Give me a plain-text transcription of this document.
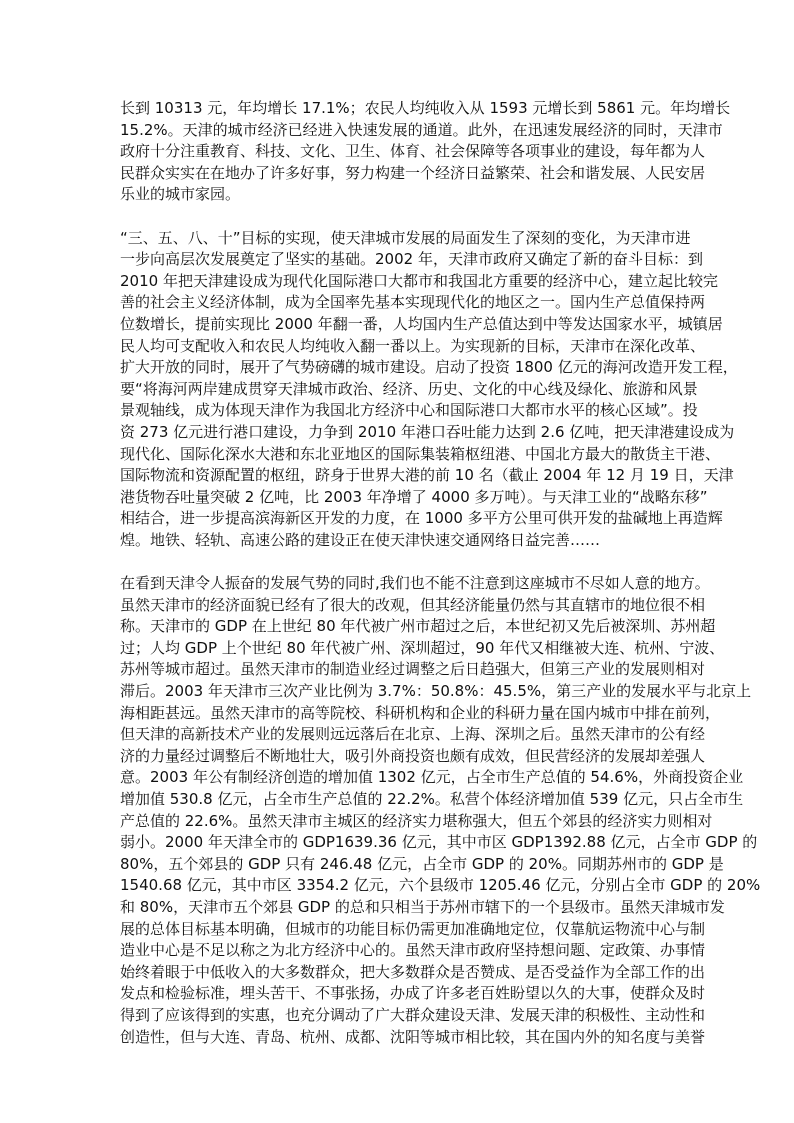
长到 10313 元，年均增长 17.1%；农民人均纯收入从 1593 元增长到 5861 元。年均增长
15.2%。天津的城市经济已经进入快速发展的通道。此外，在迅速发展经济的同时，天津市
政府十分注重教育、科技、文化、卫生、体育、社会保障等各项事业的建设，每年都为人
民群众实实在在地办了许多好事，努力构建一个经济日益繁荣、社会和谐发展、人民安居
乐业的城市家园。
“三、五、八、十”目标的实现，使天津城市发展的局面发生了深刻的变化，为天津市进
一步向高层次发展奠定了坚实的基础。2002 年，天津市政府又确定了新的奋斗目标：到
2010 年把天津建设成为现代化国际港口大都市和我国北方重要的经济中心，建立起比较完
善的社会主义经济体制，成为全国率先基本实现现代化的地区之一。国内生产总值保持两
位数增长，提前实现比 2000 年翻一番，人均国内生产总值达到中等发达国家水平，城镇居
民人均可支配收入和农民人均纯收入翻一番以上。为实现新的目标，天津市在深化改革、
扩大开放的同时，展开了气势磅礴的城市建设。启动了投资 1800 亿元的海河改造开发工程，
要“将海河两岸建成贯穿天津城市政治、经济、历史、文化的中心线及绿化、旅游和风景
景观轴线，成为体现天津作为我国北方经济中心和国际港口大都市水平的核心区域”。投
资 273 亿元进行港口建设，力争到 2010 年港口吞吐能力达到 2.6 亿吨，把天津港建设成为
现代化、国际化深水大港和东北亚地区的国际集装箱枢纽港、中国北方最大的散货主干港、
国际物流和资源配置的枢纽，跻身于世界大港的前 10 名（截止 2004 年 12 月 19 日，天津
港货物吞吐量突破 2 亿吨，比 2003 年净增了 4000 多万吨）。与天津工业的“战略东移”
相结合，进一步提高滨海新区开发的力度，在 1000 多平方公里可供开发的盐碱地上再造辉
煌。地铁、轻轨、高速公路的建设正在使天津快速交通网络日益完善……
在看到天津令人振奋的发展气势的同时,我们也不能不注意到这座城市不尽如人意的地方。
虽然天津市的经济面貌已经有了很大的改观，但其经济能量仍然与其直辖市的地位很不相
称。天津市的 GDP 在上世纪 80 年代被广州市超过之后，本世纪初又先后被深圳、苏州超
过；人均 GDP 上个世纪 80 年代被广州、深圳超过，90 年代又相继被大连、杭州、宁波、
苏州等城市超过。虽然天津市的制造业经过调整之后日趋强大，但第三产业的发展则相对
滞后。2003 年天津市三次产业比例为 3.7%：50.8%：45.5%，第三产业的发展水平与北京上
海相距甚远。虽然天津市的高等院校、科研机构和企业的科研力量在国内城市中排在前列，
但天津的高新技术产业的发展则远远落后在北京、上海、深圳之后。虽然天津市的公有经
济的力量经过调整后不断地壮大，吸引外商投资也颇有成效，但民营经济的发展却差强人
意。2003 年公有制经济创造的增加值 1302 亿元，占全市生产总值的 54.6%，外商投资企业
增加值 530.8 亿元，占全市生产总值的 22.2%。私营个体经济增加值 539 亿元，只占全市生
产总值的 22.6%。虽然天津市主城区的经济实力堪称强大，但五个郊县的经济实力则相对
弱小。2000 年天津全市的 GDP1639.36 亿元，其中市区 GDP1392.88 亿元，占全市 GDP 的
80%，五个郊县的 GDP 只有 246.48 亿元，占全市 GDP 的 20%。同期苏州市的 GDP 是
1540.68 亿元，其中市区 3354.2 亿元，六个县级市 1205.46 亿元，分别占全市 GDP 的 20%
和 80%，天津市五个郊县 GDP 的总和只相当于苏州市辖下的一个县级市。虽然天津城市发
展的总体目标基本明确，但城市的功能目标仍需更加准确地定位，仅靠航运物流中心与制
造业中心是不足以称之为北方经济中心的。虽然天津市政府坚持想问题、定政策、办事情
始终着眼于中低收入的大多数群众，把大多数群众是否赞成、是否受益作为全部工作的出
发点和检验标准，埋头苦干、不事张扬，办成了许多老百姓盼望以久的大事，使群众及时
得到了应该得到的实惠，也充分调动了广大群众建设天津、发展天津的积极性、主动性和
创造性，但与大连、青岛、杭州、成都、沈阳等城市相比较，其在国内外的知名度与美誉
